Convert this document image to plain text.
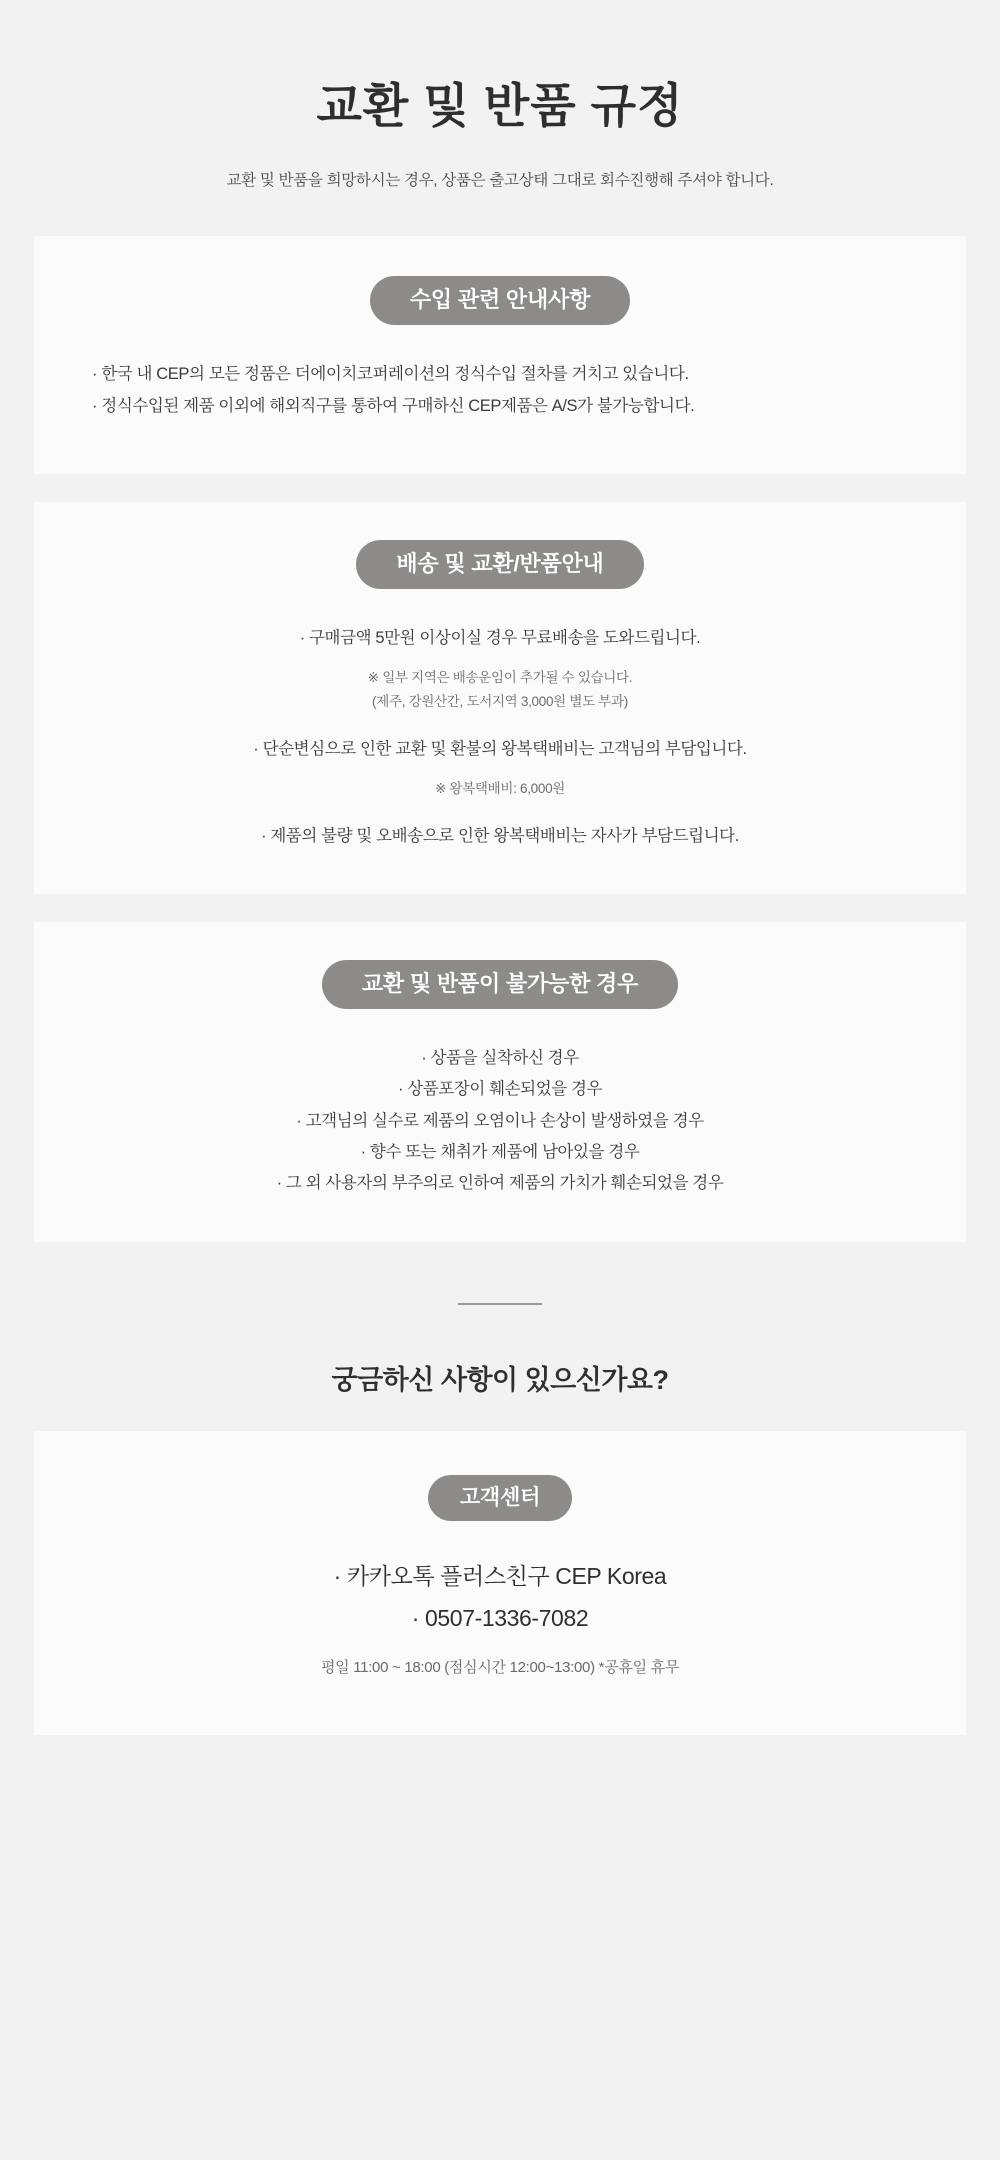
교환 및 반품 규정

교환 및 반품을 희망하시는 경우, 상품은 출고상태 그대로 회수진행해 주셔야 합니다.

수입 관련 안내사항
· 한국 내 CEP의 모든 정품은 더에이치코퍼레이션의 정식수입 절차를 거치고 있습니다.
· 정식수입된 제품 이외에 해외직구를 통하여 구매하신 CEP제품은 A/S가 불가능합니다.
배송 및 교환/반품안내
· 구매금액 5만원 이상이실 경우 무료배송을 도와드립니다.
※ 일부 지역은 배송운임이 추가될 수 있습니다.
(제주, 강원산간, 도서지역 3,000원 별도 부과)
· 단순변심으로 인한 교환 및 환불의 왕복택배비는 고객님의 부담입니다.
※ 왕복택배비: 6,000원
· 제품의 불량 및 오배송으로 인한 왕복택배비는 자사가 부담드립니다.
교환 및 반품이 불가능한 경우
· 상품을 실착하신 경우
· 상품포장이 훼손되었을 경우
· 고객님의 실수로 제품의 오염이나 손상이 발생하였을 경우
· 향수 또는 채취가 제품에 남아있을 경우
· 그 외 사용자의 부주의로 인하여 제품의 가치가 훼손되었을 경우
궁금하신 사항이 있으신가요?
고객센터
· 카카오톡 플러스친구 CEP Korea
· 0507-1336-7082
평일 11:00 ~ 18:00 (점심시간 12:00~13:00) *공휴일 휴무
